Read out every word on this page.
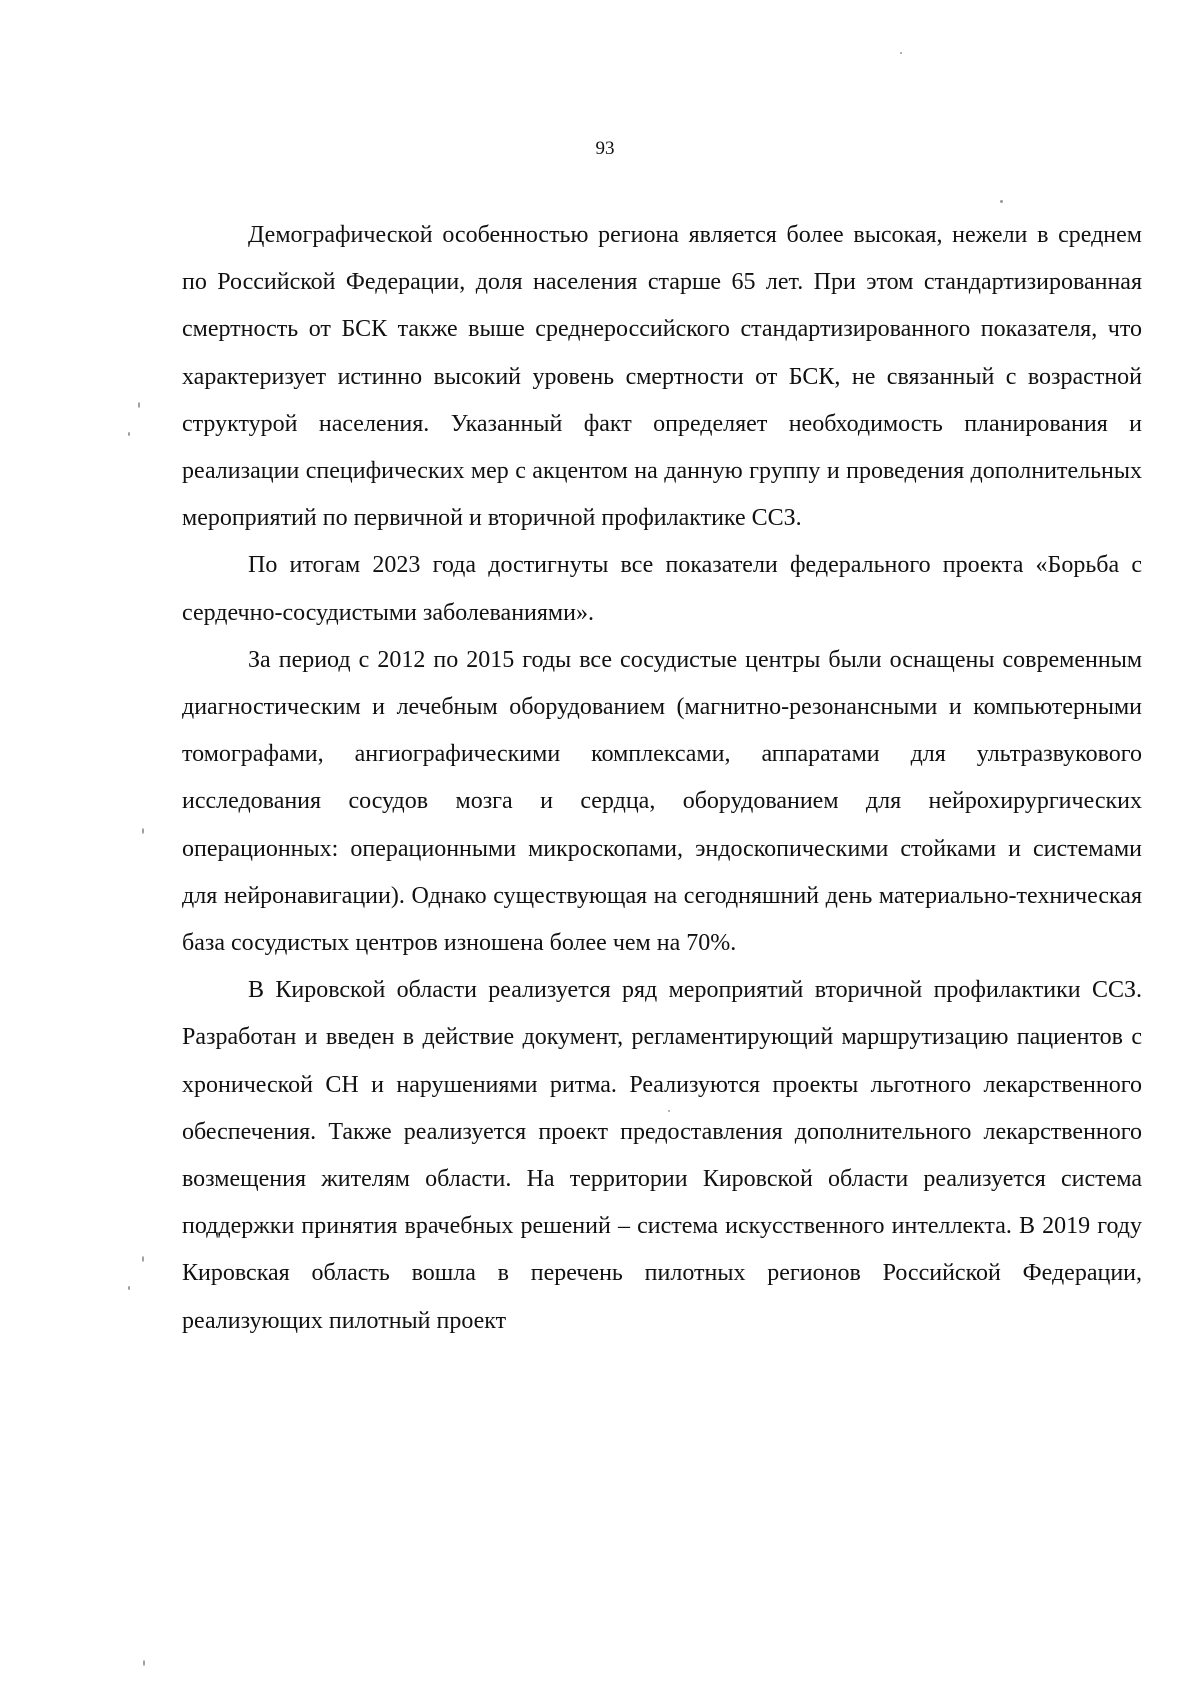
93

Демографической особенностью региона является более высокая, нежели в среднем по Российской Федерации, доля населения старше 65 лет. При этом стандартизированная смертность от БСК также выше среднероссийского стандартизированного показателя, что характеризует истинно высокий уровень смертности от БСК, не связанный с возрастной структурой населения. Указанный факт определяет необходимость планирования и реализации специфических мер с акцентом на данную группу и проведения дополнительных мероприятий по первичной и вторичной профилактике ССЗ.

По итогам 2023 года достигнуты все показатели федерального проекта «Борьба с сердечно-сосудистыми заболеваниями».

За период с 2012 по 2015 годы все сосудистые центры были оснащены современным диагностическим и лечебным оборудованием (магнитно-резонансными и компьютерными томографами, ангиографическими комплексами, аппаратами для ультразвукового исследования сосудов мозга и сердца, оборудованием для нейрохирургических операционных: операционными микроскопами, эндоскопическими стойками и системами для нейронавигации). Однако существующая на сегодняшний день материально-техническая база сосудистых центров изношена более чем на 70%.

В Кировской области реализуется ряд мероприятий вторичной профилактики ССЗ. Разработан и введен в действие документ, регламентирующий маршрутизацию пациентов с хронической СН и нарушениями ритма. Реализуются проекты льготного лекарственного обеспечения. Также реализуется проект предоставления дополнительного лекарственного возмещения жителям области. На территории Кировской области реализуется система поддержки принятия врачебных решений – система искусственного интеллекта. В 2019 году Кировская область вошла в перечень пилотных регионов Российской Федерации, реализующих пилотный проект
